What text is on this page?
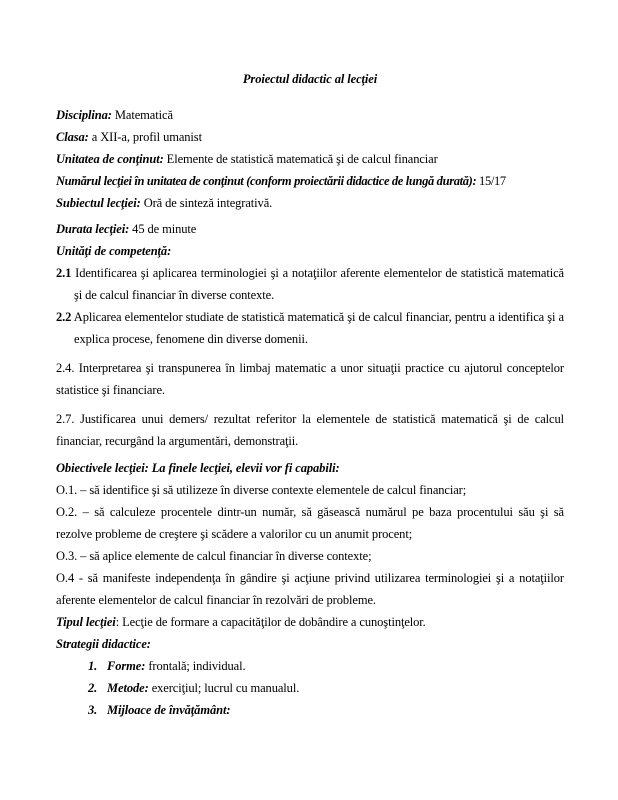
Proiectul didactic al lecţiei

Disciplina: Matematică

Clasa: a XII-a, profil umanist

Unitatea de conţinut: Elemente de statistică matematică şi de calcul financiar

Numărul lecţiei în unitatea de conţinut (conform proiectării didactice de lungă durată): 15/17

Subiectul lecţiei: Oră de sinteză integrativă.

Durata lecţiei: 45 de minute

Unităţi de competenţă:

2.1 Identificarea şi aplicarea terminologiei şi a notaţiilor aferente elementelor de statistică matematică şi de calcul financiar în diverse contexte.

2.2 Aplicarea elementelor studiate de statistică matematică şi de calcul financiar, pentru a identifica şi a explica procese, fenomene din diverse domenii.

2.4. Interpretarea şi transpunerea în limbaj matematic a unor situaţii practice cu ajutorul conceptelor statistice şi financiare.

2.7. Justificarea unui demers/ rezultat referitor la elementele de statistică matematică şi de calcul financiar, recurgând la argumentări, demonstraţii.

Obiectivele lecţiei: La finele lecţiei, elevii vor fi capabili:

O.1. – să identifice şi să utilizeze în diverse contexte elementele de calcul financiar;

O.2. – să calculeze procentele dintr-un număr, să găsească numărul pe baza procentului său şi să rezolve probleme de creştere şi scădere a valorilor cu un anumit procent;

O.3. – să aplice elemente de calcul financiar în diverse contexte;

O.4 - să manifeste independenţa în gândire şi acţiune privind utilizarea terminologiei şi a notaţiilor aferente elementelor de calcul financiar în rezolvări de probleme.

Tipul lecţiei: Lecţie de formare a capacităţilor de dobândire a cunoştinţelor.

Strategii didactice:

1. Forme: frontală; individual.

2. Metode: exerciţiul; lucrul cu manualul.

3. Mijloace de învăţământ:
